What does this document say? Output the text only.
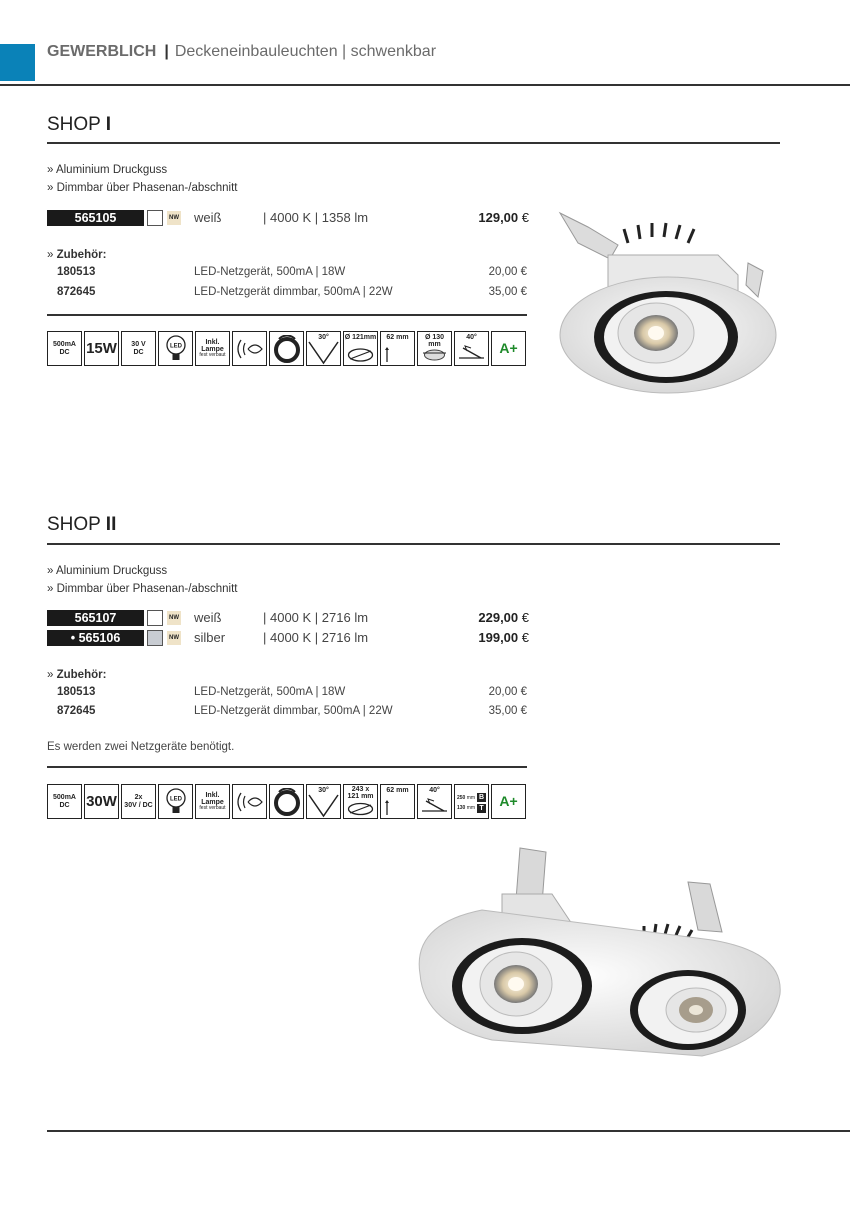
GEWERBLICH | Deckeneinbauleuchten | schwenkbar
SHOP I
» Aluminium Druckguss
» Dimmbar über Phasenan-/abschnitt
565105	NW weiß	| 4000 K | 1358 lm	129,00 €
» Zubehör:
180513	LED-Netzgerät, 500mA | 18W	20,00 €
872645	LED-Netzgerät dimmbar, 500mA | 22W	35,00 €
500mA
DC	15W 30 V
DC
LED
Inkl.
Lampe
fest verbaut
30°	Ø 121mm	62 mm	Ø 130 mm
40°
A+
SHOP II
» Aluminium Druckguss
» Dimmbar über Phasenan-/abschnitt
565107	NW weiß	| 4000 K | 2716 lm	229,00 €
• 565106	NW silber	| 4000 K | 2716 lm	199,00 €
» Zubehör:
180513	LED-Netzgerät, 500mA | 18W	20,00 €
872645	LED-Netzgerät dimmbar, 500mA | 22W	35,00 €
Es werden zwei Netzgeräte benötigt.
500mA
DC	30W	2x
30V / DC
LED
Inkl.
Lampe
fest verbaut
30°	243 x
121 mm
62 mm	40°
250 mm
130 mm
B
T A+
